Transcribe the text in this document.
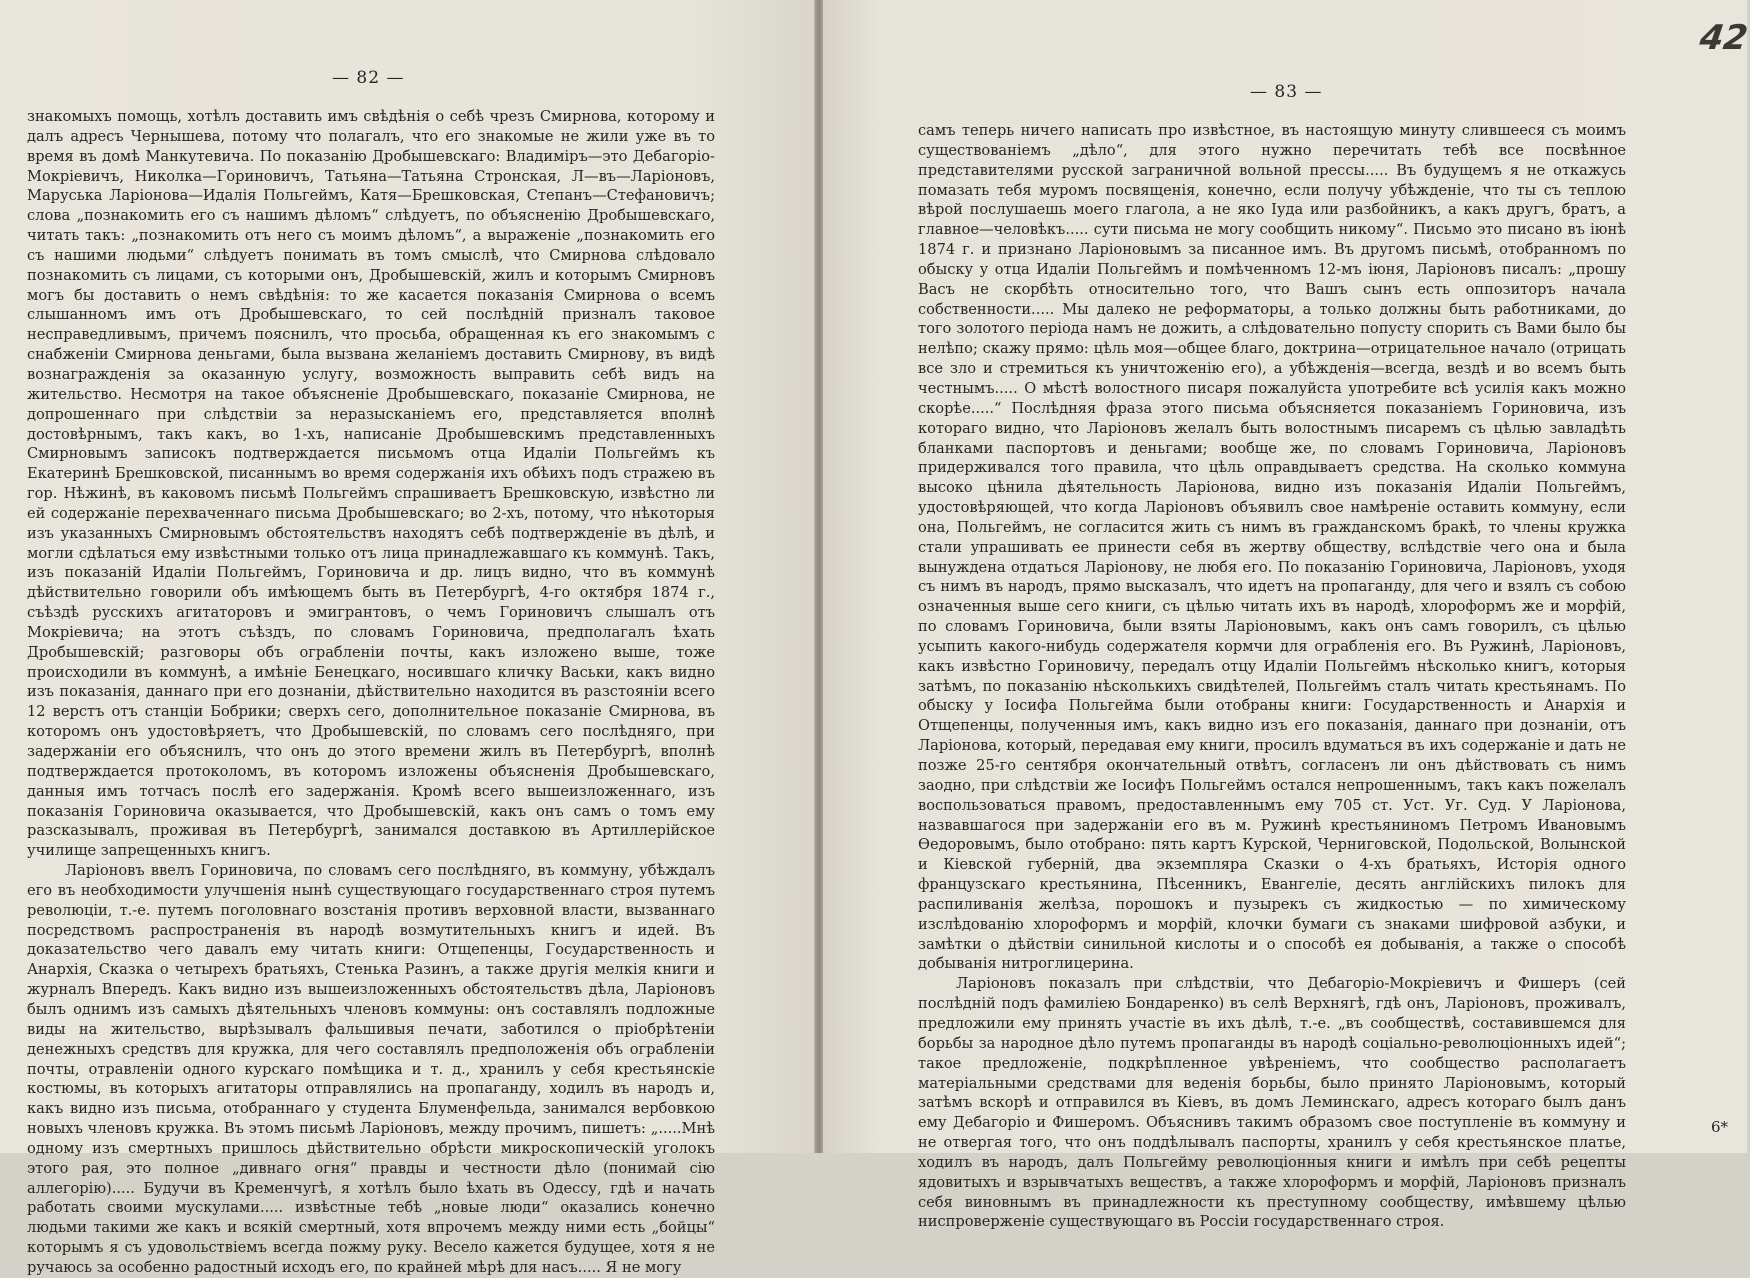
— 82 —

знакомыхъ помощь, хотѣлъ доставить имъ свѣдѣнія о себѣ чрезъ Смирнова, которому и далъ адресъ Чернышева, потому что полагалъ, что его знакомые не жили уже въ то время въ домѣ Манкутевича. По показанію Дробышевскаго: Владиміръ—это Дебагоріо-Мокріевичъ, Николка—Гориновичъ, Татьяна—Татьяна Стронская, Л—въ—Ларіоновъ, Маруська Ларіонова—Идалія Польгеймъ, Катя—Брешковская, Степанъ—Стефановичъ; слова „познакомить его съ нашимъ дѣломъ“ слѣдуетъ, по объясненію Дробышевскаго, читать такъ: „познакомить отъ него съ моимъ дѣломъ“, а выраженіе „познакомить его съ нашими людьми“ слѣдуетъ понимать въ томъ смыслѣ, что Смирнова слѣдовало познакомить съ лицами, съ которыми онъ, Дробышевскій, жилъ и которымъ Смирновъ могъ бы доставить о немъ свѣдѣнія: то же касается показанія Смирнова о всемъ слышанномъ имъ отъ Дробышевскаго, то сей послѣдній призналъ таковое несправедливымъ, причемъ пояснилъ, что просьба, обращенная къ его знакомымъ с снабженіи Смирнова деньгами, была вызвана желаніемъ доставить Смирнову, въ видѣ вознагражденія за оказанную услугу, возможность выправить себѣ видъ на жительство. Несмотря на такое объясненіе Дробышевскаго, показаніе Смирнова, не допрошеннаго при слѣдствіи за неразысканіемъ его, представляется вполнѣ достовѣрнымъ, такъ какъ, во 1-хъ, написаніе Дробышевскимъ представленныхъ Смирновымъ записокъ подтверждается письмомъ отца Идаліи Польгеймъ къ Екатеринѣ Брешковской, писаннымъ во время содержанія ихъ обѣихъ подъ стражею въ гор. Нѣжинѣ, въ каковомъ письмѣ Польгеймъ спрашиваетъ Брешковскую, извѣстно ли ей содержаніе перехваченнаго письма Дробышевскаго; во 2-хъ, потому, что нѣкоторыя изъ указанныхъ Смирновымъ обстоятельствъ находятъ себѣ подтвержденіе въ дѣлѣ, и могли сдѣлаться ему извѣстными только отъ лица принадлежавшаго къ коммунѣ. Такъ, изъ показаній Идаліи Польгеймъ, Гориновича и др. лицъ видно, что въ коммунѣ дѣйствительно говорили объ имѣющемъ быть въ Петербургѣ, 4-го октября 1874 г., съѣздѣ русскихъ агитаторовъ и эмигрантовъ, о чемъ Гориновичъ слышалъ отъ Мокріевича; на этотъ съѣздъ, по словамъ Гориновича, предполагалъ ѣхать Дробышевскій; разговоры объ ограбленіи почты, какъ изложено выше, тоже происходили въ коммунѣ, а имѣніе Бенецкаго, носившаго кличку Васьки, какъ видно изъ показанія, даннаго при его дознаніи, дѣйствительно находится въ разстояніи всего 12 верстъ отъ станціи Бобрики; сверхъ сего, дополнительное показаніе Смирнова, въ которомъ онъ удостовѣряетъ, что Дробышевскій, по словамъ сего послѣдняго, при задержаніи его объяснилъ, что онъ до этого времени жилъ въ Петербургѣ, вполнѣ подтверждается протоколомъ, въ которомъ изложены объясненія Дробышевскаго, данныя имъ тотчасъ послѣ его задержанія. Кромѣ всего вышеизложеннаго, изъ показанія Гориновича оказывается, что Дробышевскій, какъ онъ самъ о томъ ему разсказывалъ, проживая въ Петербургѣ, занимался доставкою въ Артиллерійское училище запрещенныхъ книгъ.

Ларіоновъ ввелъ Гориновича, по словамъ сего послѣдняго, въ коммуну, убѣждалъ его въ необходимости улучшенія нынѣ существующаго государственнаго строя путемъ революціи, т.-е. путемъ поголовнаго возстанія противъ верховной власти, вызваннаго посредствомъ распространенія въ народѣ возмутительныхъ книгъ и идей. Въ доказательство чего давалъ ему читать книги: Отщепенцы, Государственность и Анархія, Сказка о четырехъ братьяхъ, Стенька Разинъ, а также другія мелкія книги и журналъ Впередъ. Какъ видно изъ вышеизложенныхъ обстоятельствъ дѣла, Ларіоновъ былъ однимъ изъ самыхъ дѣятельныхъ членовъ коммуны: онъ составлялъ подложные виды на жительство, вырѣзывалъ фальшивыя печати, заботился о пріобрѣтеніи денежныхъ средствъ для кружка, для чего составлялъ предположенія объ ограбленіи почты, отравленіи одного курскаго помѣщика и т. д., хранилъ у себя крестьянскіе костюмы, въ которыхъ агитаторы отправлялись на пропаганду, ходилъ въ народъ и, какъ видно изъ письма, отобраннаго у студента Блуменфельда, занимался вербовкою новыхъ членовъ кружка. Въ этомъ письмѣ Ларіоновъ, между прочимъ, пишетъ: „.....Мнѣ одному изъ смертныхъ пришлось дѣйствительно обрѣсти микроскопическій уголокъ этого рая, это полное „дивнаго огня“ правды и честности дѣло (понимай сію аллегорію)..... Будучи въ Кременчугѣ, я хотѣлъ было ѣхать въ Одессу, гдѣ и начать работать своими мускулами..... извѣстные тебѣ „новые люди“ оказались конечно людьми такими же какъ и всякій смертный, хотя впрочемъ между ними есть „бойцы“ которымъ я съ удовольствіемъ всегда пожму руку. Весело кажется будущее, хотя я не ручаюсь за особенно радостный исходъ его, по крайней мѣрѣ для насъ..... Я не могу

— 83 —
42

самъ теперь ничего написать про извѣстное, въ настоящую минуту слившееся съ моимъ существованіемъ „дѣло“, для этого нужно перечитать тебѣ все посвѣнное представителями русской заграничной вольной прессы..... Въ будущемъ я не откажусь помазать тебя муромъ посвященія, конечно, если получу убѣжденіе, что ты съ теплою вѣрой послушаешь моего глагола, а не яко Іуда или разбойникъ, а какъ другъ, братъ, а главное—человѣкъ..... сути письма не могу сообщить никому“. Письмо это писано въ іюнѣ 1874 г. и признано Ларіоновымъ за писанное имъ. Въ другомъ письмѣ, отобранномъ по обыску у отца Идаліи Польгеймъ и помѣченномъ 12-мъ іюня, Ларіоновъ писалъ: „прошу Васъ не скорбѣть относительно того, что Вашъ сынъ есть оппозиторъ начала собственности..... Мы далеко не реформаторы, а только должны быть работниками, до того золотого періода намъ не дожить, а слѣдовательно попусту спорить съ Вами было бы нелѣпо; скажу прямо: цѣль моя—общее благо, доктрина—отрицательное начало (отрицать все зло и стремиться къ уничтоженію его), а убѣжденія—всегда, вездѣ и во всемъ быть честнымъ..... О мѣстѣ волостного писаря пожалуйста употребите всѣ усилія какъ можно скорѣе.....“ Послѣдняя фраза этого письма объясняется показаніемъ Гориновича, изъ котораго видно, что Ларіоновъ желалъ быть волостнымъ писаремъ съ цѣлью завладѣть бланками паспортовъ и деньгами; вообще же, по словамъ Гориновича, Ларіоновъ придерживался того правила, что цѣль оправдываетъ средства. На сколько коммуна высоко цѣнила дѣятельность Ларіонова, видно изъ показанія Идаліи Польгеймъ, удостовѣряющей, что когда Ларіоновъ объявилъ свое намѣреніе оставить коммуну, если она, Польгеймъ, не согласится жить съ нимъ въ гражданскомъ бракѣ, то члены кружка стали упрашивать ее принести себя въ жертву обществу, вслѣдствіе чего она и была вынуждена отдаться Ларіонову, не любя его. По показанію Гориновича, Ларіоновъ, уходя съ нимъ въ народъ, прямо высказалъ, что идетъ на пропаганду, для чего и взялъ съ собою означенныя выше сего книги, съ цѣлью читать ихъ въ народѣ, хлороформъ же и морфій, по словамъ Гориновича, были взяты Ларіоновымъ, какъ онъ самъ говорилъ, съ цѣлью усыпить какого-нибудь содержателя кормчи для ограбленія его. Въ Ружинѣ, Ларіоновъ, какъ извѣстно Гориновичу, передалъ отцу Идаліи Польгеймъ нѣсколько книгъ, которыя затѣмъ, по показанію нѣсколькихъ свидѣтелей, Польгеймъ сталъ читать крестьянамъ. По обыску у Іосифа Польгейма были отобраны книги: Государственность и Анархія и Отщепенцы, полученныя имъ, какъ видно изъ его показанія, даннаго при дознаніи, отъ Ларіонова, который, передавая ему книги, просилъ вдуматься въ ихъ содержаніе и дать не позже 25-го сентября окончательный отвѣтъ, согласенъ ли онъ дѣйствовать съ нимъ заодно, при слѣдствіи же Іосифъ Польгеймъ остался непрошеннымъ, такъ какъ пожелалъ воспользоваться правомъ, предоставленнымъ ему 705 ст. Уст. Уг. Суд. У Ларіонова, назвавшагося при задержаніи его въ м. Ружинѣ крестьяниномъ Петромъ Ивановымъ Ѳедоровымъ, было отобрано: пять картъ Курской, Черниговской, Подольской, Волынской и Кіевской губерній, два экземпляра Сказки о 4-хъ братьяхъ, Исторія одного французскаго крестьянина, Пѣсенникъ, Евангеліе, десять англійскихъ пилокъ для распиливанія желѣза, порошокъ и пузырекъ съ жидкостью — по химическому изслѣдованію хлороформъ и морфій, клочки бумаги съ знаками шифровой азбуки, и замѣтки о дѣйствіи синильной кислоты и о способѣ ея добыванія, а также о способѣ добыванія нитроглицерина.

Ларіоновъ показалъ при слѣдствіи, что Дебагоріо-Мокріевичъ и Фишеръ (сей послѣдній подъ фамиліею Бондаренко) въ селѣ Верхнягѣ, гдѣ онъ, Ларіоновъ, проживалъ, предложили ему принять участіе въ ихъ дѣлѣ, т.-е. „въ сообществѣ, составившемся для борьбы за народное дѣло путемъ пропаганды въ народѣ соціально-революціонныхъ идей“; такое предложеніе, подкрѣпленное увѣреніемъ, что сообщество располагаетъ матеріальными средствами для веденія борьбы, было принято Ларіоновымъ, который затѣмъ вскорѣ и отправился въ Кіевъ, въ домъ Леминскаго, адресъ котораго былъ данъ ему Дебагоріо и Фишеромъ. Объяснивъ такимъ образомъ свое поступленіе въ коммуну и не отвергая того, что онъ поддѣлывалъ паспорты, хранилъ у себя крестьянское платье, ходилъ въ народъ, далъ Польгейму революціонныя книги и имѣлъ при себѣ рецепты ядовитыхъ и взрывчатыхъ веществъ, а также хлороформъ и морфій, Ларіоновъ призналъ себя виновнымъ въ принадлежности къ преступному сообществу, имѣвшему цѣлью ниспроверженіе существующаго въ Россіи государственнаго строя.

6*
